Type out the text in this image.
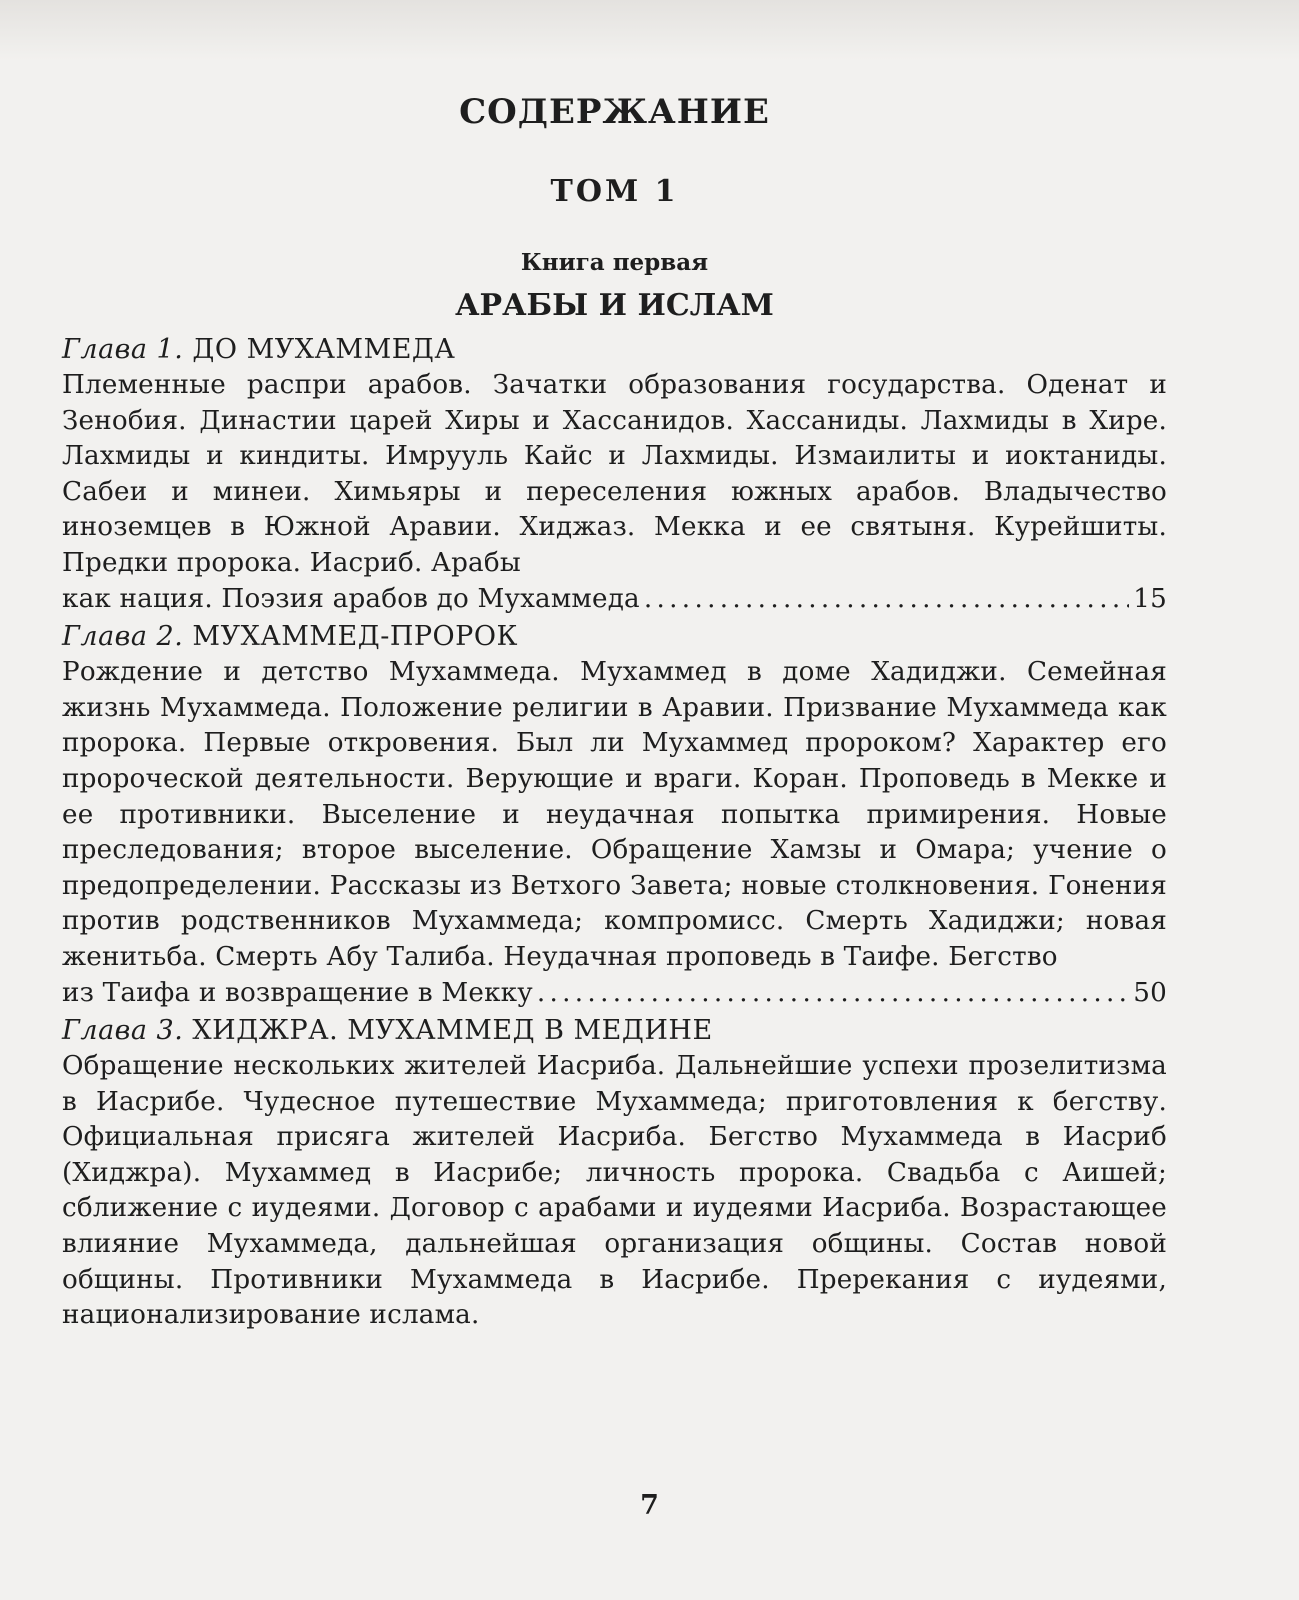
СОДЕРЖАНИЕ
ТОМ 1
Книга первая
АРАБЫ И ИСЛАМ
Глава 1. ДО МУХАММЕДА
Племенные распри арабов. Зачатки образования государства. Оденат и Зенобия. Династии царей Хиры и Хассанидов. Хассаниды. Лахмиды в Хире. Лахмиды и киндиты. Имрууль Кайс и Лахмиды. Измаилиты и иоктаниды. Сабеи и минеи. Химьяры и переселения южных арабов. Владычество иноземцев в Южной Аравии. Хиджаз. Мекка и ее святыня. Курейшиты. Предки пророка. Иасриб. Арабы
как нация. Поэзия арабов до Мухаммеда . . .	15
Глава 2. МУХАММЕД-ПРОРОК
Рождение и детство Мухаммеда. Мухаммед в доме Хадиджи. Семейная жизнь Мухаммеда. Положение религии в Аравии. Призвание Мухаммеда как пророка. Первые откровения. Был ли Мухаммед пророком? Характер его пророческой деятельности. Верующие и враги. Коран. Проповедь в Мекке и ее противники. Выселение и неудачная попытка примирения. Новые преследования; второе выселение. Обращение Хамзы и Омара; учение о предопределении. Рассказы из Ветхого Завета; новые столкновения. Гонения против родственников Мухаммеда; компромисс. Смерть Хадиджи; новая женитьба. Смерть Абу Талиба. Неудачная проповедь в Таифе. Бегство
из Таифа и возвращение в Мекку . . .	50
Глава 3. ХИДЖРА. МУХАММЕД В МЕДИНЕ
Обращение нескольких жителей Иасриба. Дальнейшие успехи прозелитизма в Иасрибе. Чудесное путешествие Мухаммеда; приготовления к бегству. Официальная присяга жителей Иасриба. Бегство Мухаммеда в Иасриб (Хиджра). Мухаммед в Иасрибе; личность пророка. Свадьба с Аишей; сближение с иудеями. Договор с арабами и иудеями Иасриба. Возрастающее влияние Мухаммеда, дальнейшая организация общины. Состав новой общины. Противники Мухаммеда в Иасрибе. Пререкания с иудеями, национализирование ислама.
7
